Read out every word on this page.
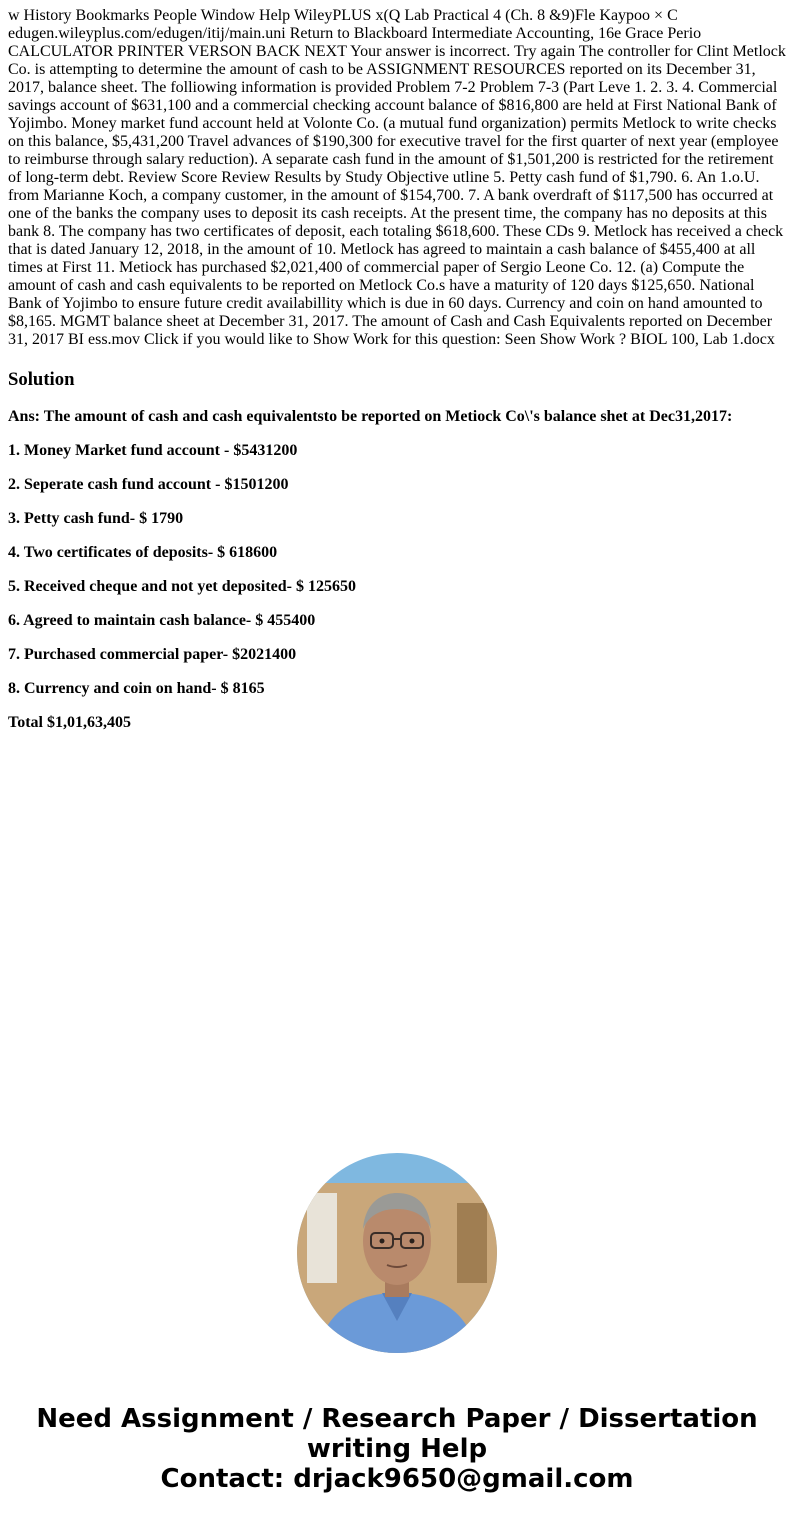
w History Bookmarks People Window Help WileyPLUS x(Q Lab Practical 4 (Ch. 8 &9)Fle Kaypoo × C edugen.wileyplus.com/edugen/itij/main.uni Return to Blackboard Intermediate Accounting, 16e Grace Perio CALCULATOR PRINTER VERSON BACK NEXT Your answer is incorrect. Try again The controller for Clint Metlock Co. is attempting to determine the amount of cash to be ASSIGNMENT RESOURCES reported on its December 31, 2017, balance sheet. The folliowing information is provided Problem 7-2 Problem 7-3 (Part Leve 1. 2. 3. 4. Commercial savings account of $631,100 and a commercial checking account balance of $816,800 are held at First National Bank of Yojimbo. Money market fund account held at Volonte Co. (a mutual fund organization) permits Metlock to write checks on this balance, $5,431,200 Travel advances of $190,300 for executive travel for the first quarter of next year (employee to reimburse through salary reduction). A separate cash fund in the amount of $1,501,200 is restricted for the retirement of long-term debt. Review Score Review Results by Study Objective utline 5. Petty cash fund of $1,790. 6. An 1.o.U. from Marianne Koch, a company customer, in the amount of $154,700. 7. A bank overdraft of $117,500 has occurred at one of the banks the company uses to deposit its cash receipts. At the present time, the company has no deposits at this bank 8. The company has two certificates of deposit, each totaling $618,600. These CDs 9. Metlock has received a check that is dated January 12, 2018, in the amount of 10. Metlock has agreed to maintain a cash balance of $455,400 at all times at First 11. Metiock has purchased $2,021,400 of commercial paper of Sergio Leone Co. 12. (a) Compute the amount of cash and cash equivalents to be reported on Metlock Co.s have a maturity of 120 days $125,650. National Bank of Yojimbo to ensure future credit availabillity which is due in 60 days. Currency and coin on hand amounted to $8,165. MGMT balance sheet at December 31, 2017. The amount of Cash and Cash Equivalents reported on December 31, 2017 BI ess.mov Click if you would like to Show Work for this question: Seen Show Work ? BIOL 100, Lab 1.docx

Solution

Ans: The amount of cash and cash equivalentsto be reported on Metiock Co\'s balance shet at Dec31,2017:

1. Money Market fund account - $5431200

2. Seperate cash fund account - $1501200

3. Petty cash fund- $ 1790

4. Two certificates of deposits- $ 618600

5. Received cheque and not yet deposited- $ 125650

6. Agreed to maintain cash balance- $ 455400

7. Purchased commercial paper- $2021400

8. Currency and coin on hand- $ 8165

Total $1,01,63,405

Need Assignment / Research Paper / Dissertation writing Help
Contact: drjack9650@gmail.com
